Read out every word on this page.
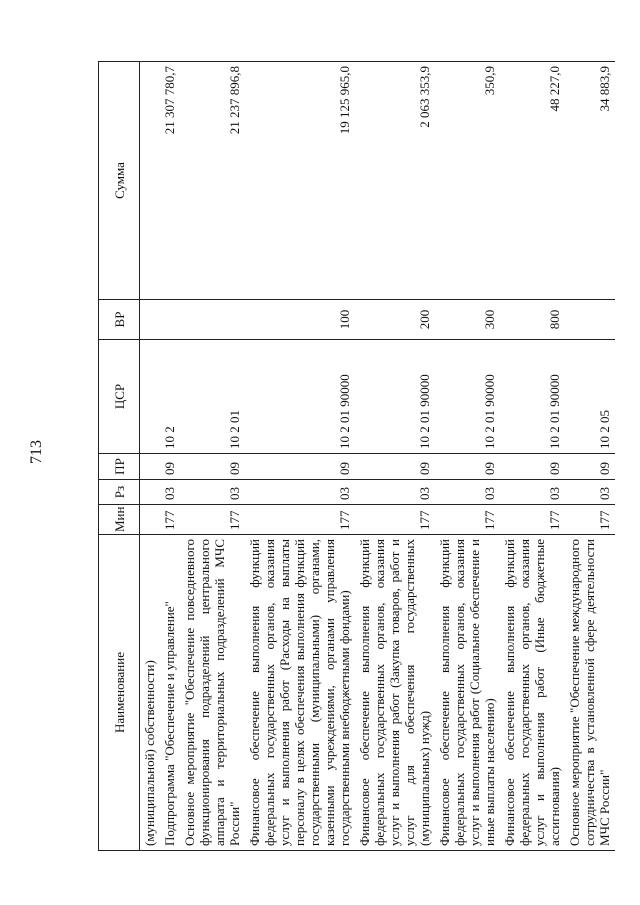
713
Наименование	Мин	Рз	ПР	ЦСР	ВР	Сумма
(муниципальной) собственности)						
Подпрограмма "Обеспечение и управление"	177	03	09	10 2		21 307 780,7
Основное мероприятие "Обеспечение повседневного функционирования подразделений центрального аппарата и территориальных подразделений МЧС России"	177	03	09	10 2 01		21 237 896,8
Финансовое обеспечение выполнения функций федеральных государственных органов, оказания услуг и выполнения работ (Расходы на выплаты персоналу в целях обеспечения выполнения функций государственными (муниципальными) органами, казенными учреждениями, органами управления государственными внебюджетными фондами)	177	03	09	10 2 01 90000	100	19 125 965,0
Финансовое обеспечение выполнения функций федеральных государственных органов, оказания услуг и выполнения работ (Закупка товаров, работ и услуг для обеспечения государственных (муниципальных) нужд)	177	03	09	10 2 01 90000	200	2 063 353,9
Финансовое обеспечение выполнения функций федеральных государственных органов, оказания услуг и выполнения работ (Социальное обеспечение и иные выплаты населению)	177	03	09	10 2 01 90000	300	350,9
Финансовое обеспечение выполнения функций федеральных государственных органов, оказания услуг и выполнения работ (Иные бюджетные ассигнования)	177	03	09	10 2 01 90000	800	48 227,0
Основное мероприятие "Обеспечение международного сотрудничества в установленной сфере деятельности МЧС России"	177	03	09	10 2 05		34 883,9
